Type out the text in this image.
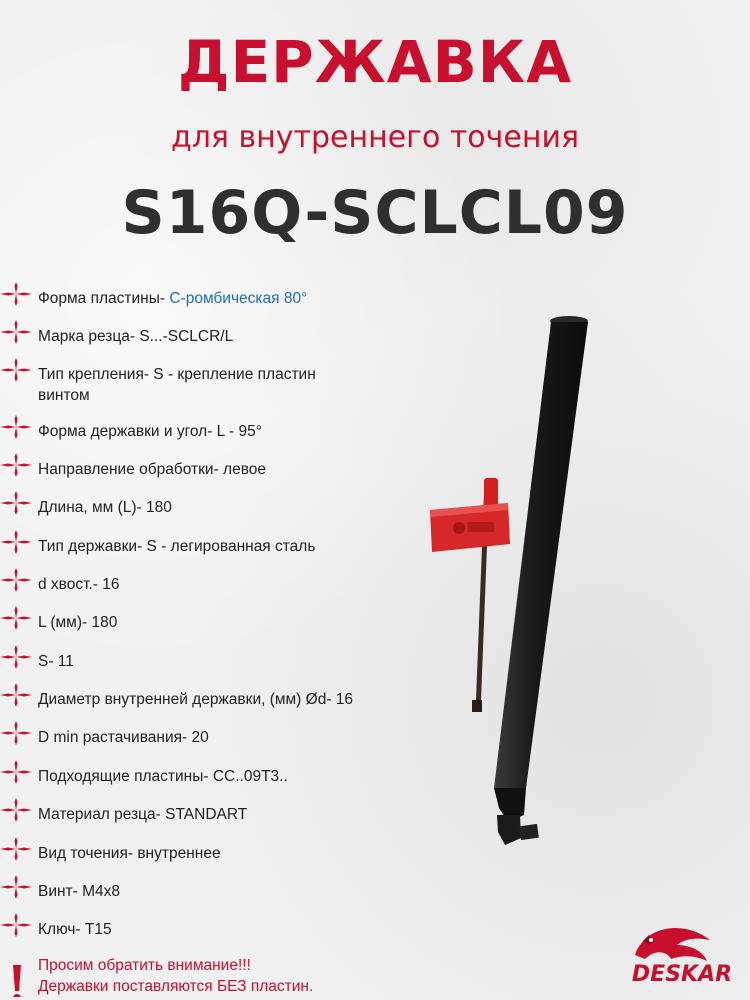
ДЕРЖАВКА
для внутреннего точения
S16Q-SCLCL09
Форма пластины- С-ромбическая 80°
Марка резца- S...-SCLCR/L
Тип крепления- S - крепление пластин винтом
Форма державки и угол- L - 95°
Направление обработки- левое
Длина, мм (L)- 180
Тип державки- S - легированная сталь
d хвост.- 16
L (мм)- 180
S- 11
Диаметр внутренней державки, (мм) Ød- 16
D min растачивания- 20
Подходящие пластины- CC..09T3..
Материал резца- STANDART
Вид точения- внутреннее
Винт- M4x8
Ключ- T15
Просим обратить внимание!!!
Державки поставляются БЕЗ пластин.	DESKAR
